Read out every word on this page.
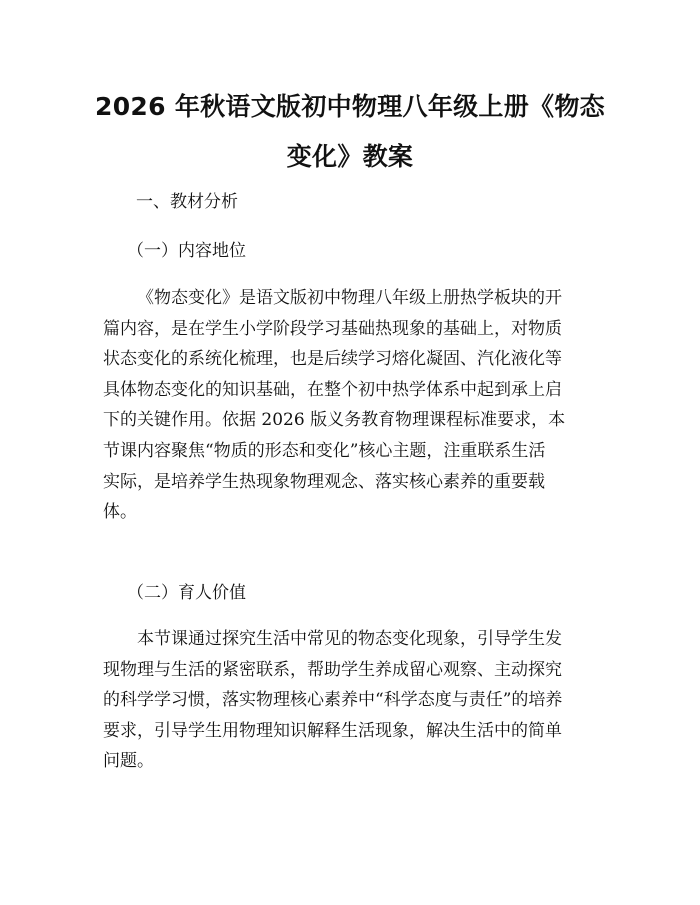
2026 年秋语文版初中物理八年级上册《物态
变化》教案
一、教材分析
（一）内容地位
《物态变化》是语文版初中物理八年级上册热学板块的开
篇内容，是在学生小学阶段学习基础热现象的基础上，对物质
状态变化的系统化梳理，也是后续学习熔化凝固、汽化液化等
具体物态变化的知识基础，在整个初中热学体系中起到承上启
下的关键作用。依据 2026 版义务教育物理课程标准要求，本
节课内容聚焦“物质的形态和变化”核心主题，注重联系生活
实际，是培养学生热现象物理观念、落实核心素养的重要载
体。
（二）育人价值
本节课通过探究生活中常见的物态变化现象，引导学生发
现物理与生活的紧密联系，帮助学生养成留心观察、主动探究
的科学学习惯，落实物理核心素养中“科学态度与责任”的培养
要求，引导学生用物理知识解释生活现象，解决生活中的简单
问题。
